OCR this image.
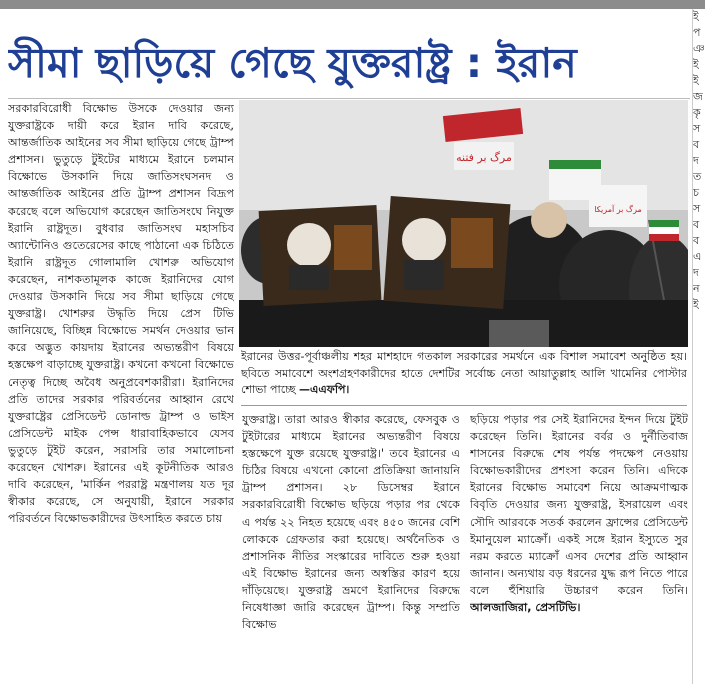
সীমা ছাড়িয়ে গেছে যুক্তরাষ্ট্র : ইরান

সরকারবিরোধী বিক্ষোভ উসকে দেওয়ার জন্য যুক্তরাষ্ট্রকে দায়ী করে ইরান দাবি করেছে, আন্তর্জাতিক আইনের সব সীমা ছাড়িয়ে গেছে ট্রাম্প প্রশাসন। ভুতুড়ে টুইটের মাধ্যমে ইরানে চলমান বিক্ষোভে উসকানি দিয়ে জাতিসংঘসনদ ও আন্তর্জাতিক আইনের প্রতি ট্রাম্প প্রশাসন বিদ্রূপ করেছে বলে অভিযোগ করেছেন জাতিসংঘে নিযুক্ত ইরানি রাষ্ট্রদূত। বুধবার জাতিসংঘ মহাসচিব অ্যান্টোনিও গুতেরেসের কাছে পাঠানো এক চিঠিতে ইরানি রাষ্ট্রদূত গোলামালি খোশরু অভিযোগ করেছেন, নাশকতামূলক কাজে ইরানিদের যোগ দেওয়ার উসকানি দিয়ে সব সীমা ছাড়িয়ে গেছে যুক্তরাষ্ট্র। খোশরুর উদ্ধৃতি দিয়ে প্রেস টিভি জানিয়েছে, বিচ্ছিন্ন বিক্ষোভে সমর্থন দেওয়ার ভান করে অদ্ভুত কায়দায় ইরানের অভ্যন্তরীণ বিষয়ে হস্তক্ষেপ বাড়াচ্ছে যুক্তরাষ্ট্র। কখনো কখনো বিক্ষোভে নেতৃত্ব দিচ্ছে অবৈধ অনুপ্রবেশকারীরা। ইরানিদের প্রতি তাদের সরকার পরিবর্তনের আহ্বান রেখে যুক্তরাষ্ট্রের প্রেসিডেন্ট ডোনাল্ড ট্রাম্প ও ভাইস প্রেসিডেন্ট মাইক পেন্স ধারাবাহিকভাবে যেসব ভুতুড়ে টুইট করেন, সরাসরি তার সমালোচনা করেছেন খোশরু। ইরানের এই কূটনীতিক আরও দাবি করেছেন, 'মার্কিন পররাষ্ট্র মন্ত্রণালয় যত দূর স্বীকার করেছে, সে অনুযায়ী, ইরানে সরকার পরিবর্তনে বিক্ষোভকারীদের উৎসাহিত করতে চায়

مرگ بر فتنه
مرگ بر آمریکا
ইরানের উত্তর-পূর্বাঞ্চলীয় শহর মাশহাদে গতকাল সরকারের সমর্থনে এক বিশাল সমাবেশ অনুষ্ঠিত হয়। ছবিতে সমাবেশে অংশগ্রহণকারীদের হাতে দেশটির সর্বোচ্চ নেতা আয়াতুল্লাহ আলি খামেনির পোস্টার শোভা পাচ্ছে —এএফপি।

যুক্তরাষ্ট্র। তারা আরও স্বীকার করেছে, ফেসবুক ও টুইটারের মাধ্যমে ইরানের অভ্যন্তরীণ বিষয়ে হস্তক্ষেপে যুক্ত রয়েছে যুক্তরাষ্ট্র।' তবে ইরানের এ চিঠির বিষয়ে এখনো কোনো প্রতিক্রিয়া জানায়নি ট্রাম্প প্রশাসন। ২৮ ডিসেম্বর ইরানে সরকারবিরোধী বিক্ষোভ ছড়িয়ে পড়ার পর থেকে এ পর্যন্ত ২২ নিহত হয়েছে এবং ৪৫০ জনের বেশি লোককে গ্রেফতার করা হয়েছে। অর্থনৈতিক ও প্রশাসনিক নীতির সংস্কারের দাবিতে শুরু হওয়া এই বিক্ষোভ ইরানের জন্য অস্বস্তির কারণ হয়ে দাঁড়িয়েছে। যুক্তরাষ্ট্র ভ্রমণে ইরানিদের বিরুদ্ধে নিষেধাজ্ঞা জারি করেছেন ট্রাম্প। কিন্তু সম্প্রতি বিক্ষোভ

ছড়িয়ে পড়ার পর সেই ইরানিদের ইন্দন দিয়ে টুইট করেছেন তিনি। ইরানের বর্বর ও দুর্নীতিবাজ শাসনের বিরুদ্ধে শেষ পর্যন্ত পদক্ষেপ নেওয়ায় বিক্ষোভকারীদের প্রশংসা করেন তিনি। এদিকে ইরানের বিক্ষোভ সমাবেশ নিয়ে আক্রমণাত্মক বিবৃতি দেওয়ার জন্য যুক্তরাষ্ট্র, ইসরায়েল এবং সৌদি আরবকে সতর্ক করলেন ফ্রান্সের প্রেসিডেন্ট ইমানুয়েল ম্যাক্রোঁ। একই সঙ্গে ইরান ইস্যুতে সুর নরম করতে ম্যাক্রোঁ এসব দেশের প্রতি আহ্বান জানান। অন্যথায় বড় ধরনের যুদ্ধ রূপ নিতে পারে বলে হুঁশিয়ারি উচ্চারণ করেন তিনি। আলজাজিরা, প্রেসটিভি।

ই প ঞ ই ই জ কৃ স ব দ ত চ স ব ব এ দ ন ই
